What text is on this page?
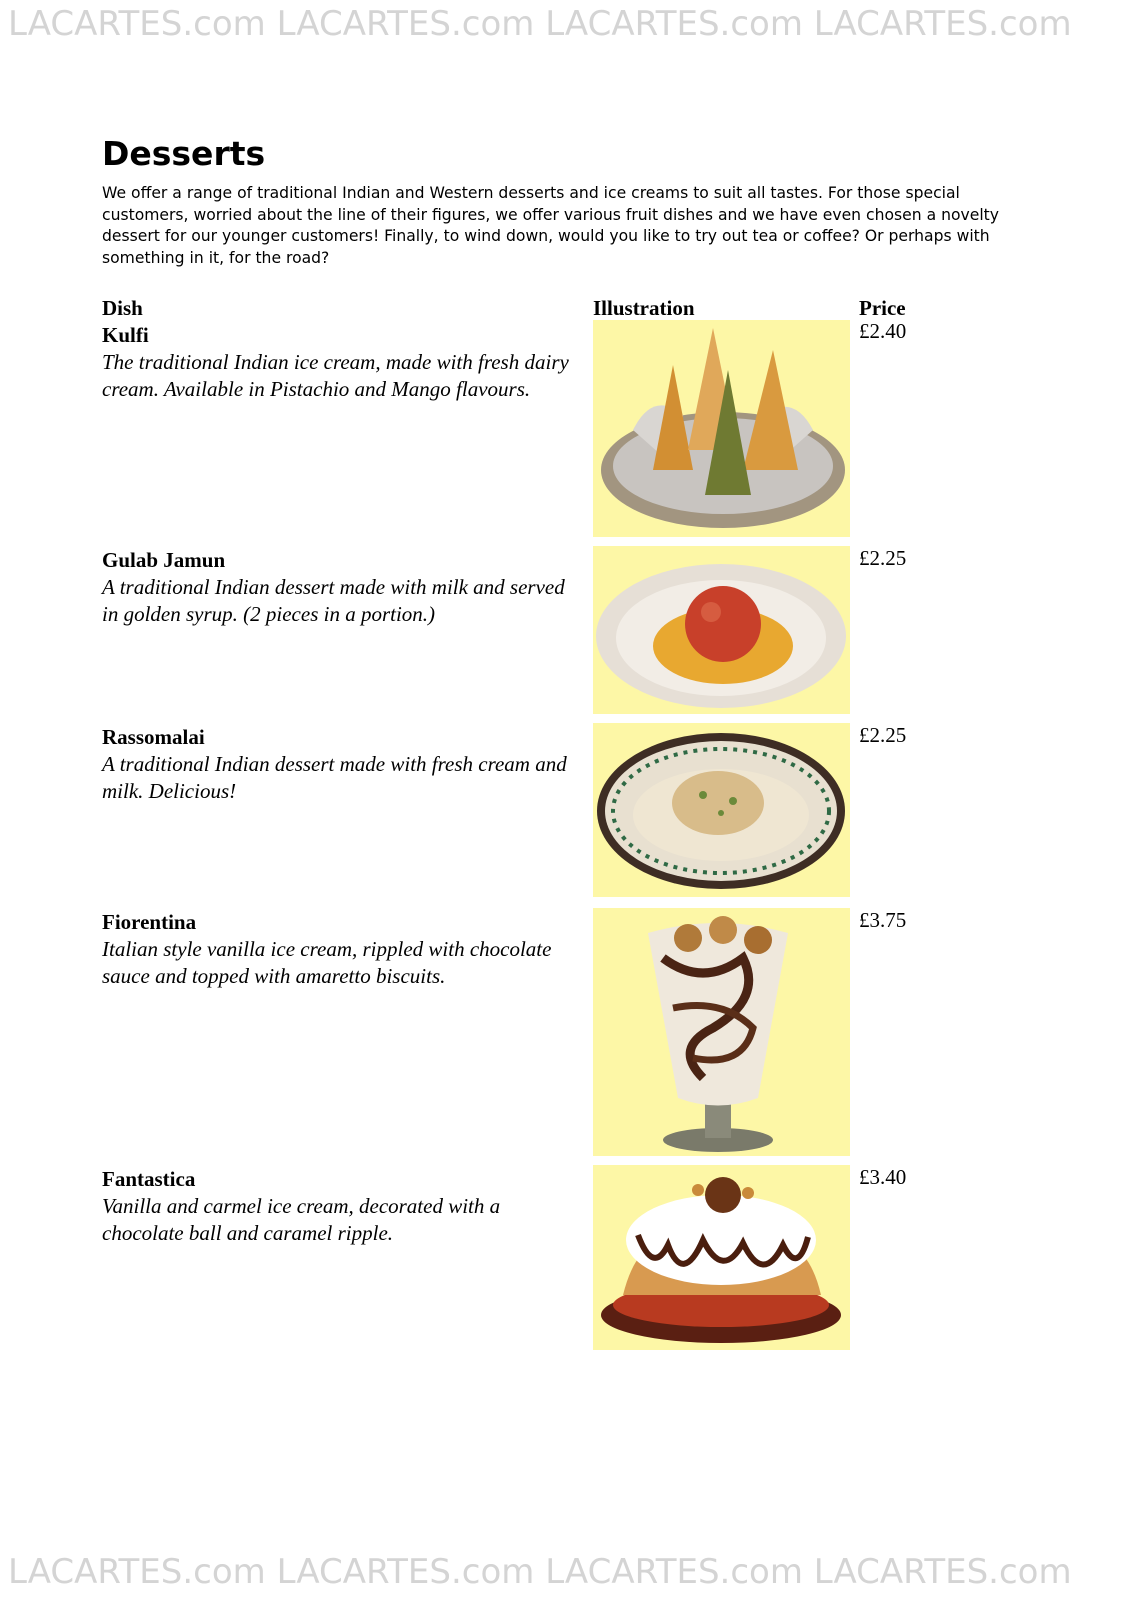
LACARTES.com LACARTES.com LACARTES.com LACARTES.com
Desserts

We offer a range of traditional Indian and Western desserts and ice creams to suit all tastes. For those special customers, worried about the line of their figures, we offer various fruit dishes and we have even chosen a novelty dessert for our younger customers! Finally, to wind down, would you like to try out tea or coffee? Or perhaps with something in it, for the road?

Dish	Illustration	Price
Kulfi
The traditional Indian ice cream, made with fresh dairy cream. Available in Pistachio and Mango flavours.
£2.40
Gulab Jamun
A traditional Indian dessert made with milk and served in golden syrup. (2 pieces in a portion.)
£2.25
Rassomalai
A traditional Indian dessert made with fresh cream and milk. Delicious!
£2.25
Fiorentina
Italian style vanilla ice cream, rippled with chocolate sauce and topped with amaretto biscuits.
£3.75
Fantastica
Vanilla and carmel ice cream, decorated with a chocolate ball and caramel ripple.
£3.40
LACARTES.com LACARTES.com LACARTES.com LACARTES.com
